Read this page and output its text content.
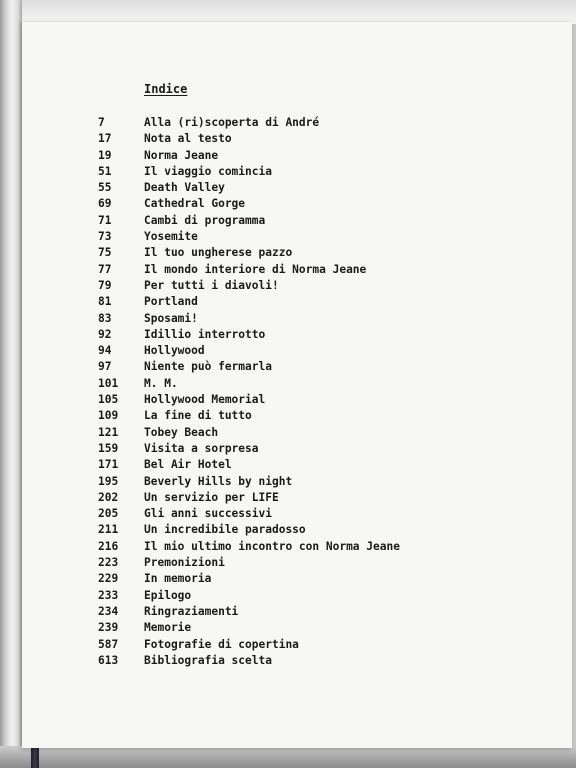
Indice
7	Alla (ri)scoperta di André
17	Nota al testo
19	Norma Jeane
51	Il viaggio comincia
55	Death Valley
69	Cathedral Gorge
71	Cambi di programma
73	Yosemite
75	Il tuo ungherese pazzo
77	Il mondo interiore di Norma Jeane
79	Per tutti i diavoli!
81	Portland
83	Sposami!
92	Idillio interrotto
94	Hollywood
97	Niente può fermarla
101	M. M.
105	Hollywood Memorial
109	La fine di tutto
121	Tobey Beach
159	Visita a sorpresa
171	Bel Air Hotel
195	Beverly Hills by night
202	Un servizio per LIFE
205	Gli anni successivi
211	Un incredibile paradosso
216	Il mio ultimo incontro con Norma Jeane
223	Premonizioni
229	In memoria
233	Epilogo
234	Ringraziamenti
239	Memorie
587	Fotografie di copertina
613	Bibliografia scelta
